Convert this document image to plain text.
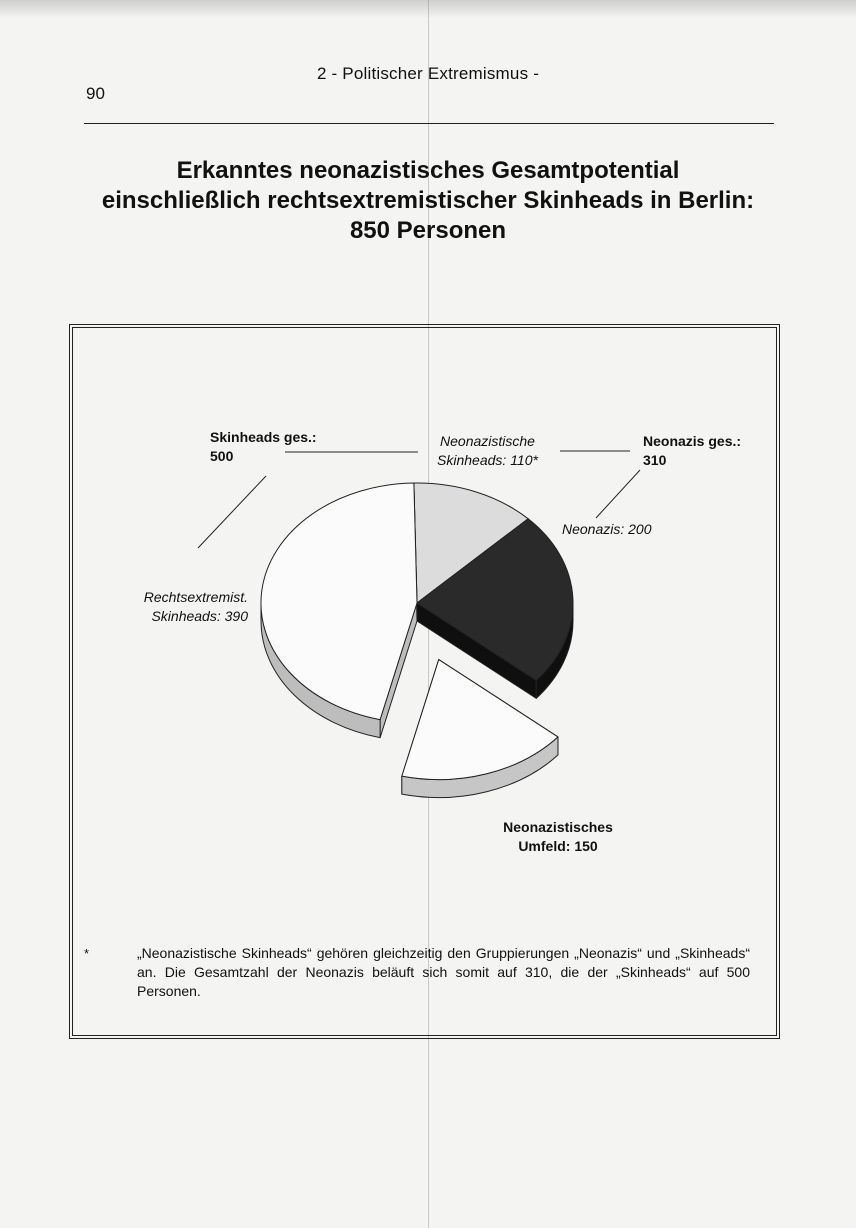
2 - Politischer Extremismus -
90
Erkanntes neonazistisches Gesamtpotential
einschließlich rechtsextremistischer Skinheads in Berlin:
850 Personen
Skinheads ges.:
500
Neonazistische
Skinheads: 110*
Neonazis ges.:
310
Neonazis: 200
Rechtsextremist.
Skinheads: 390
Neonazistisches
Umfeld: 150
*	„Neonazistische Skinheads“ gehören gleichzeitig den Gruppierungen „Neonazis“ und „Skinheads“ an. Die Gesamtzahl der Neonazis beläuft sich somit auf 310, die der „Skinheads“ auf 500 Personen.
